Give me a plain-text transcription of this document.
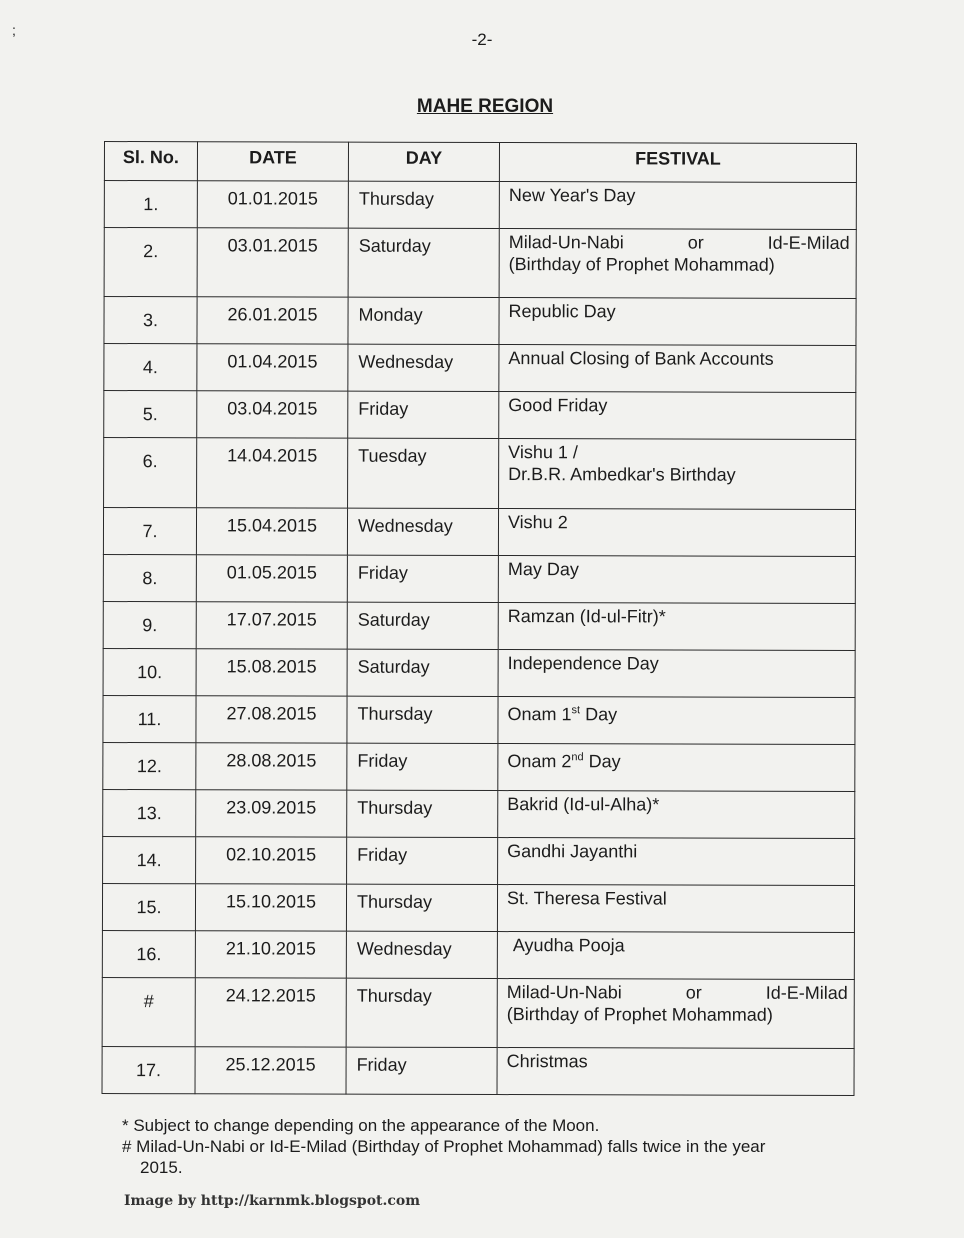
;	-2-
MAHE REGION
Sl. No.	DATE	DAY	FESTIVAL
1.	01.01.2015	Thursday	New Year's Day
2.	03.01.2015	Saturday	Milad-Un-Nabi or Id-E-Milad
(Birthday of Prophet Mohammad)

3.	26.01.2015	Monday	Republic Day
4.	01.04.2015	Wednesday	Annual Closing of Bank Accounts
5.	03.04.2015	Friday	Good Friday
6.	14.04.2015	Tuesday	Vishu 1 /
Dr.B.R. Ambedkar's Birthday

7.	15.04.2015	Wednesday	Vishu 2
8.	01.05.2015	Friday	May Day
9.	17.07.2015	Saturday	Ramzan (Id-ul-Fitr)*
10.	15.08.2015	Saturday	Independence Day
11.	27.08.2015	Thursday	Onam 1st Day
12.	28.08.2015	Friday	Onam 2nd Day
13.	23.09.2015	Thursday	Bakrid (Id-ul-Alha)*
14.	02.10.2015	Friday	Gandhi Jayanthi
15.	15.10.2015	Thursday	St. Theresa Festival
16.	21.10.2015	Wednesday	Ayudha Pooja
#	24.12.2015	Thursday	Milad-Un-Nabi or Id-E-Milad
(Birthday of Prophet Mohammad)

17.	25.12.2015	Friday	Christmas
* Subject to change depending on the appearance of the Moon.
# Milad-Un-Nabi or Id-E-Milad (Birthday of Prophet Mohammad) falls twice in the year
2015.
Image by http://karnmk.blogspot.com
